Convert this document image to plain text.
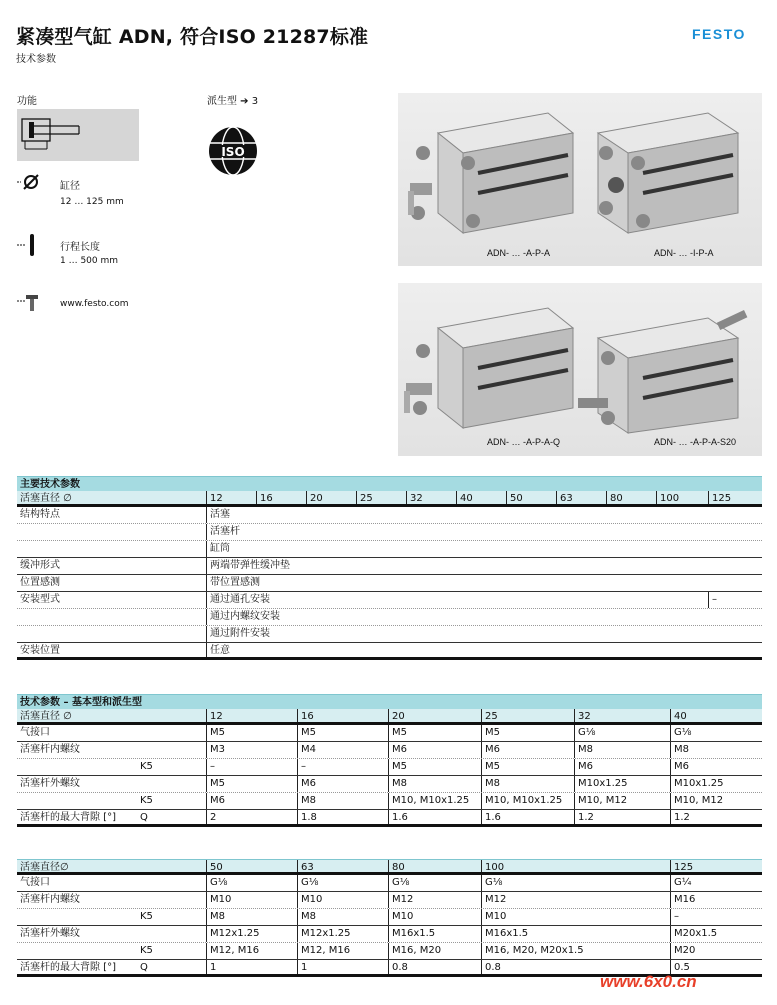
紧凑型气缸 ADN, 符合ISO 21287标准
技术参数
FESTO
功能	派生型 ➔ 3
ISO
缸径
12 … 125 mm
行程长度
1 … 500 mm
www.festo.com
ADN- … -A-P-A	ADN- … -I-P-A
ADN- … -A-P-A-Q	ADN- … -A-P-A-S20
主要技术参数
活塞直径 ∅	12	16	20	25	32	40	50	63	80	100	125
结构特点	活塞
活塞杆
缸筒
缓冲形式	两端带弹性缓冲垫
位置感测	带位置感测
安装型式	通过通孔安装	–
通过内螺纹安装
通过附件安装
安装位置	任意
技术参数 – 基本型和派生型
活塞直径 ∅	12	16	20	25	32	40
气接口	M5	M5	M5	M5	G⅛	G⅛
活塞杆内螺纹	M3	M4	M6	M6	M8	M8
K5	–	–	M5	M5	M6	M6
活塞杆外螺纹	M5	M6	M8	M8	M10x1.25	M10x1.25
K5	M6	M8	M10, M10x1.25	M10, M10x1.25	M10, M12	M10, M12
活塞杆的最大背隙 [°]	Q	2	1.8	1.6	1.6	1.2	1.2
活塞直径∅	50	63	80	100	125
气接口	G⅛	G⅛	G⅛	G⅛	G¼
活塞杆内螺纹	M10	M10	M12	M12	M16
K5	M8	M8	M10	M10	–
活塞杆外螺纹	M12x1.25	M12x1.25	M16x1.5	M16x1.5	M20x1.5
K5	M12, M16	M12, M16	M16, M20	M16, M20, M20x1.5	M20
活塞杆的最大背隙 [°]	Q	1	1	0.8	0.8	0.5
www.6x0.cn
